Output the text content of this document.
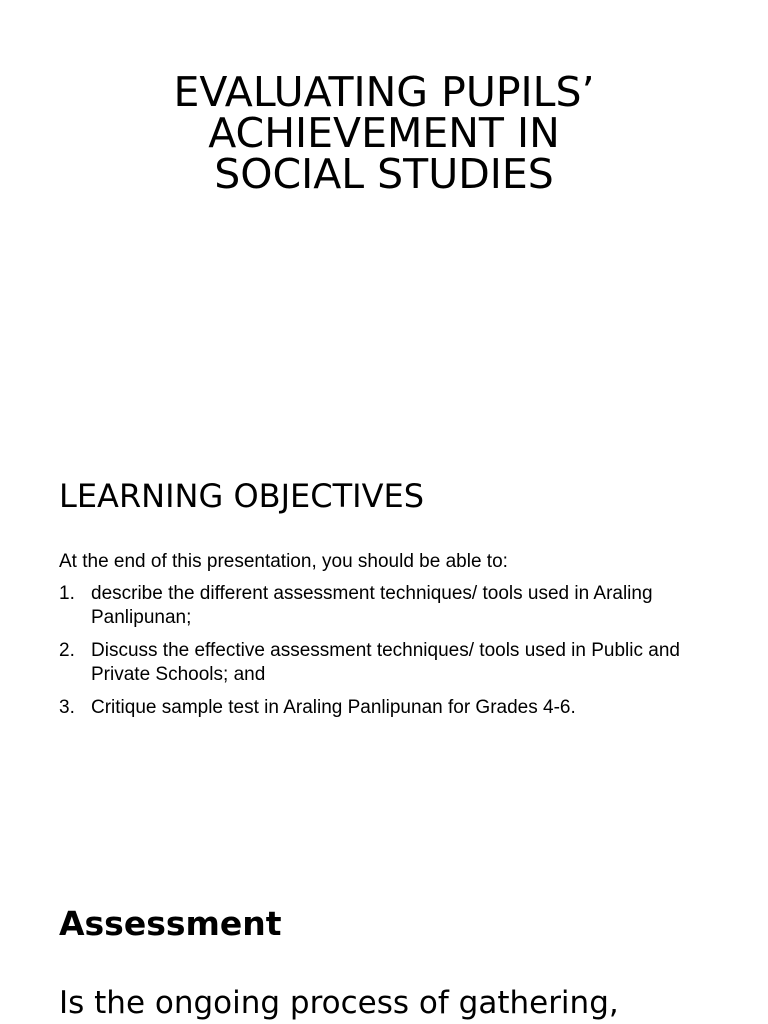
EVALUATING PUPILS’
ACHIEVEMENT IN
SOCIAL STUDIES
LEARNING OBJECTIVES

At the end of this presentation, you should be able to:

1. describe the different assessment techniques/ tools used in Araling Panlipunan;
2. Discuss the effective assessment techniques/ tools used in Public and Private Schools; and
3. Critique sample test in Araling Panlipunan for Grades 4-6.
Assessment

Is the ongoing process of gathering,
